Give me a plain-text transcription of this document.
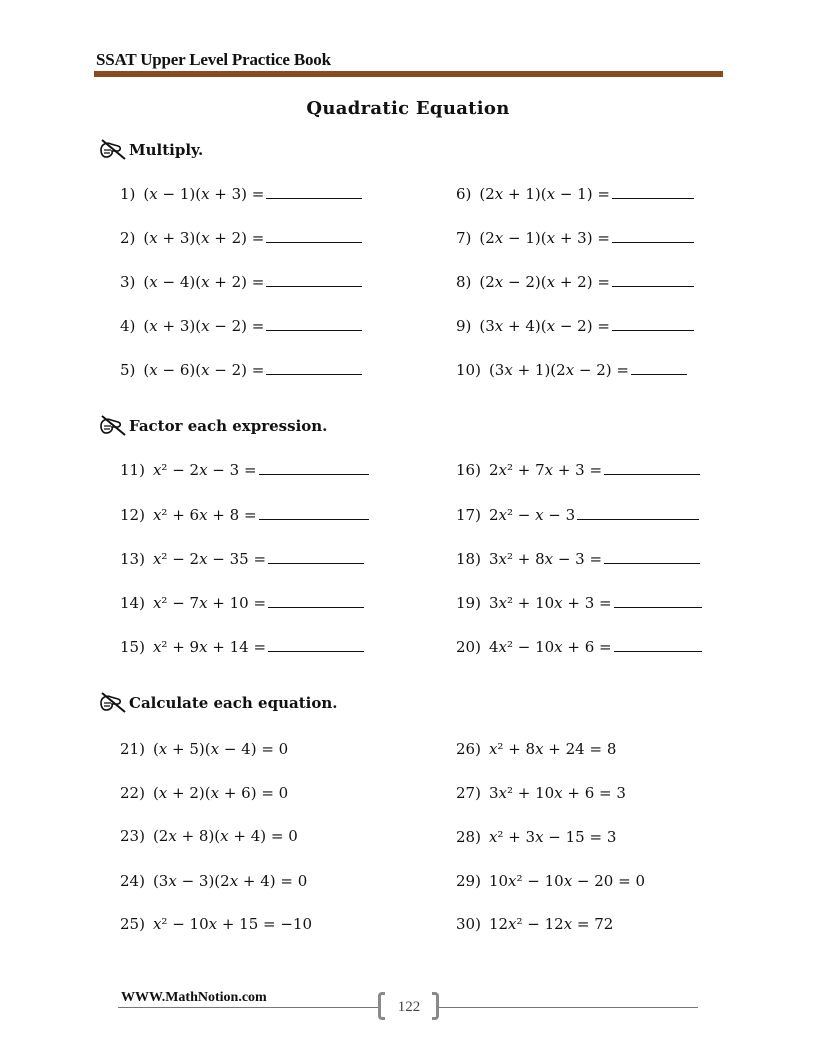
SSAT Upper Level Practice Book
Quadratic Equation
Multiply.
Factor each expression.
Calculate each equation.
1) (𝑥 − 1)(𝑥 + 3) =
2) (𝑥 + 3)(𝑥 + 2) =
3) (𝑥 − 4)(𝑥 + 2) =
4) (𝑥 + 3)(𝑥 − 2) =
5) (𝑥 − 6)(𝑥 − 2) =
6) (2𝑥 + 1)(𝑥 − 1) =
7) (2𝑥 − 1)(𝑥 + 3) =
8) (2𝑥 − 2)(𝑥 + 2) =
9) (3𝑥 + 4)(𝑥 − 2) =
10) (3𝑥 + 1)(2𝑥 − 2) =
11) 𝑥² − 2𝑥 − 3 =
12) 𝑥² + 6𝑥 + 8 =
13) 𝑥² − 2𝑥 − 35 =
14) 𝑥² − 7𝑥 + 10 =
15) 𝑥² + 9𝑥 + 14 =
16) 2𝑥² + 7𝑥 + 3 =
17) 2𝑥² − 𝑥 − 3
18) 3𝑥² + 8𝑥 − 3 =
19) 3𝑥² + 10𝑥 + 3 =
20) 4𝑥² − 10𝑥 + 6 =
21) (𝑥 + 5)(𝑥 − 4) = 0
22) (𝑥 + 2)(𝑥 + 6) = 0
23) (2𝑥 + 8)(𝑥 + 4) = 0
24) (3𝑥 − 3)(2𝑥 + 4) = 0
25) 𝑥² − 10𝑥 + 15 = −10
26) 𝑥² + 8𝑥 + 24 = 8
27) 3𝑥² + 10𝑥 + 6 = 3
28) 𝑥² + 3𝑥 − 15 = 3
29) 10𝑥² − 10𝑥 − 20 = 0
30) 12𝑥² − 12𝑥 = 72
WWW.MathNotion.com
122
